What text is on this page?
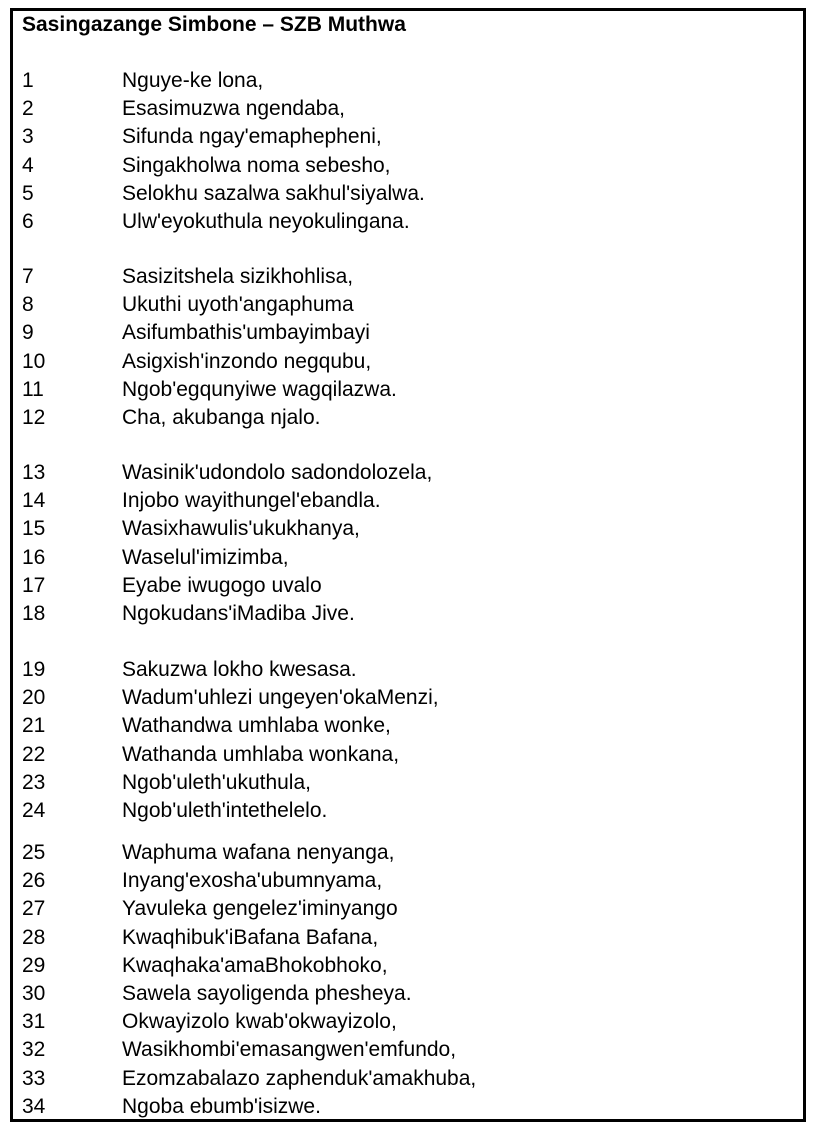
Sasingazange Simbone – SZB Muthwa
1	Nguye-ke lona,
2	Esasimuzwa ngendaba,
3	Sifunda ngay'emaphepheni,
4	Singakholwa noma sebesho,
5	Selokhu sazalwa sakhul'siyalwa.
6	Ulw'eyokuthula neyokulingana.
7	Sasizitshela sizikhohlisa,
8	Ukuthi uyoth'angaphuma
9	Asifumbathis'umbayimbayi
10	Asigxish'inzondo negqubu,
11	Ngob'egqunyiwe wagqilazwa.
12	Cha, akubanga njalo.
13	Wasinik'udondolo sadondolozela,
14	Injobo wayithungel'ebandla.
15	Wasixhawulis'ukukhanya,
16	Waselul'imizimba,
17	Eyabe iwugogo uvalo
18	Ngokudans'iMadiba Jive.
19	Sakuzwa lokho kwesasa.
20	Wadum'uhlezi ungeyen'okaMenzi,
21	Wathandwa umhlaba wonke,
22	Wathanda umhlaba wonkana,
23	Ngob'uleth'ukuthula,
24	Ngob'uleth'intethelelo.
25	Waphuma wafana nenyanga,
26	Inyang'exosha'ubumnyama,
27	Yavuleka gengelez'iminyango
28	Kwaqhibuk'iBafana Bafana,
29	Kwaqhaka'amaBhokobhoko,
30	Sawela sayoligenda phesheya.
31	Okwayizolo kwab'okwayizolo,
32	Wasikhombi'emasangwen'emfundo,
33	Ezomzabalazo zaphenduk'amakhuba,
34	Ngoba ebumb'isizwe.
